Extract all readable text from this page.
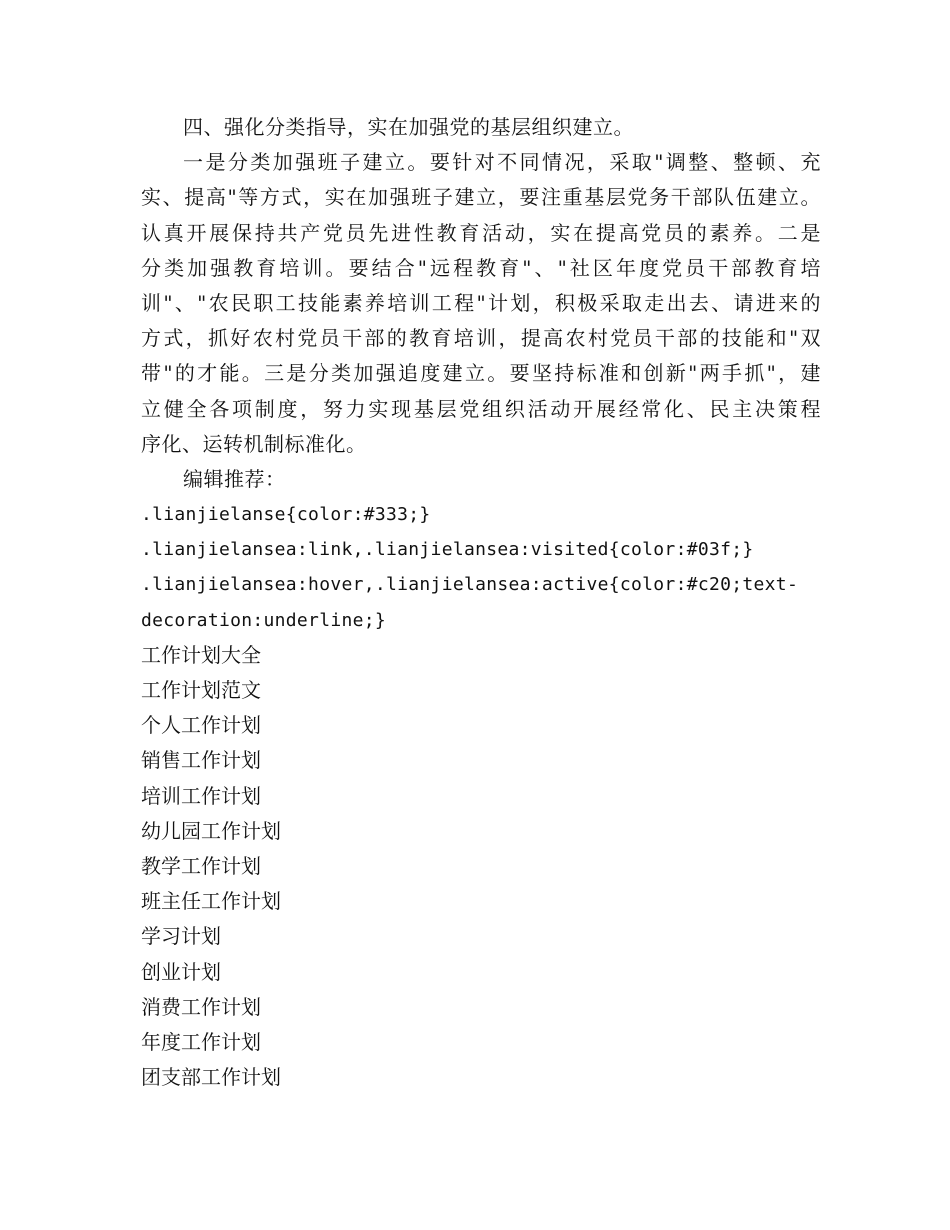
四、强化分类指导，实在加强党的基层组织建立。
一是分类加强班子建立。要针对不同情况，采取"调整、整顿、充
实、提高"等方式，实在加强班子建立，要注重基层党务干部队伍建立。
认真开展保持共产党员先进性教育活动，实在提高党员的素养。二是
分类加强教育培训。要结合"远程教育"、"社区年度党员干部教育培
训"、"农民职工技能素养培训工程"计划，积极采取走出去、请进来的
方式，抓好农村党员干部的教育培训，提高农村党员干部的技能和"双
带"的才能。三是分类加强追度建立。要坚持标准和创新"两手抓"，建
立健全各项制度，努力实现基层党组织活动开展经常化、民主决策程
序化、运转机制标准化。
编辑推荐：
.lianjielanse{color:#333;}
.lianjielansea:link,.lianjielansea:visited{color:#03f;}
.lianjielansea:hover,.lianjielansea:active{color:#c20;text-
decoration:underline;}
工作计划大全
工作计划范文
个人工作计划
销售工作计划
培训工作计划
幼儿园工作计划
教学工作计划
班主任工作计划
学习计划
创业计划
消费工作计划
年度工作计划
团支部工作计划
